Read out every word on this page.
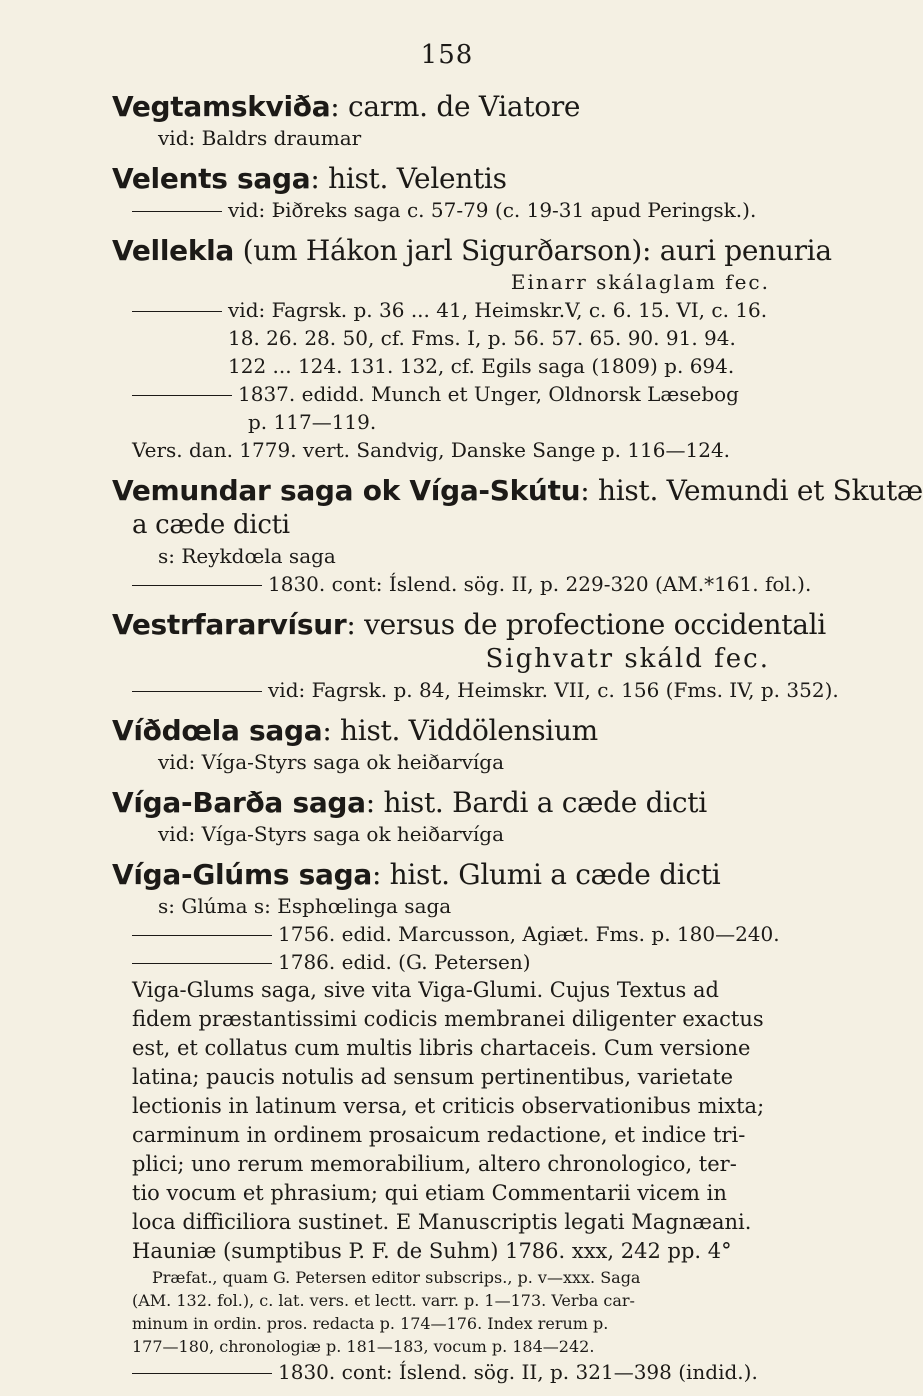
158
Vegtamskviða: carm. de Viatore
vid: Baldrs draumar
Velents saga: hist. Velentis
vid: Þiðreks saga c. 57-79 (c. 19-31 apud Peringsk.).
Vellekla (um Hákon jarl Sigurðarson): auri penuria
Einarr skálaglam fec.
vid: Fagrsk. p. 36 ... 41, Heimskr.V, c. 6. 15. VI, c. 16.
18. 26. 28. 50, cf. Fms. I, p. 56. 57. 65. 90. 91. 94.
122 ... 124. 131. 132, cf. Egils saga (1809) p. 694.
1837. edidd. Munch et Unger, Oldnorsk Læsebog
p. 117—119.
Vers. dan. 1779. vert. Sandvig, Danske Sange p. 116—124.
Vemundar saga ok Víga-Skútu: hist. Vemundi et Skutæ
a cæde dicti
s: Reykdœla saga
1830. cont: Íslend. sög. II, p. 229-320 (AM.*161. fol.).
Vestrfararvísur: versus de profectione occidentali
Sighvatr skáld fec.
vid: Fagrsk. p. 84, Heimskr. VII, c. 156 (Fms. IV, p. 352).
Víðdœla saga: hist. Viddölensium
vid: Víga-Styrs saga ok heiðarvíga
Víga-Barða saga: hist. Bardi a cæde dicti
vid: Víga-Styrs saga ok heiðarvíga
Víga-Glúms saga: hist. Glumi a cæde dicti
s: Glúma s: Esphœlinga saga
1756. edid. Marcusson, Agiæt. Fms. p. 180—240.
1786. edid. (G. Petersen)
Viga-Glums saga, sive vita Viga-Glumi. Cujus Textus ad
fidem præstantissimi codicis membranei diligenter exactus
est, et collatus cum multis libris chartaceis. Cum versione
latina; paucis notulis ad sensum pertinentibus, varietate
lectionis in latinum versa, et criticis observationibus mixta;
carminum in ordinem prosaicum redactione, et indice tri-
plici; uno rerum memorabilium, altero chronologico, ter-
tio vocum et phrasium; qui etiam Commentarii vicem in
loca difficiliora sustinet. E Manuscriptis legati Magnæani.
Hauniæ (sumptibus P. F. de Suhm) 1786. xxx, 242 pp. 4°
Præfat., quam G. Petersen editor subscrips., p. v—xxx. Saga
(AM. 132. fol.), c. lat. vers. et lectt. varr. p. 1—173. Verba car-
minum in ordin. pros. redacta p. 174—176. Index rerum p.
177—180, chronologiæ p. 181—183, vocum p. 184—242.
1830. cont: Íslend. sög. II, p. 321—398 (indid.).
